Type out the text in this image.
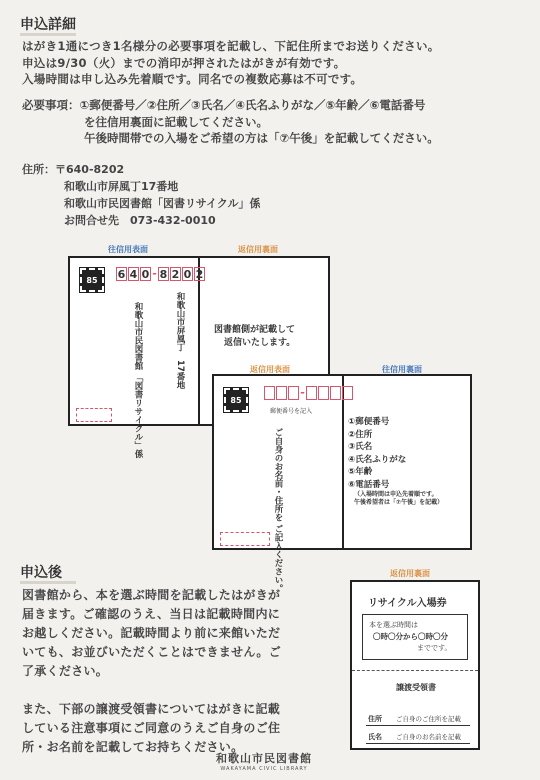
申込詳細
はがき1通につき1名様分の必要事項を記載し、下記住所までお送りください。
申込は9/30（火）までの消印が押されたはがきが有効です。
入場時間は申し込み先着順です。同名での複数応募は不可です。
必要事項：①郵便番号／②住所／③氏名／④氏名ふりがな／⑤年齢／⑥電話番号
を往信用裏面に記載してください。
午後時間帯での入場をご希望の方は「⑦午後」を記載してください。
住所：〒640-8202
和歌山市屏風丁17番地
和歌山市民図書館「図書リサイクル」係
お問合せ先　073-432-0010
往信用表面	返信用裏面
85	6 4 0 - 8 2 0 2
和歌山市屏風丁　17番地
和歌山市民図書館 「図書リサイクル」係
図書館側が記載して
返信いたします。
返信用表面	往信用裏面
85
-
郵便番号を記入
ご自身のお名前・住所を ご記入ください。
①郵便番号
②住所
③氏名
④氏名ふりがな
⑤年齢
⑥電話番号
（入場時間は申込先着順です。
午後希望者は「⑦午後」を記載）
申込後
図書館から、本を選ぶ時間を記載したはがきが
届きます。ご確認のうえ、当日は記載時間内に
お越しください。記載時間より前に来館いただ
いても、お並びいただくことはできません。ご
了承ください。
また、下部の譲渡受領書についてはがきに記載
している注意事項にご同意のうえご自身のご住
所・お名前を記載してお持ちください。
返信用裏面
リサイクル入場券
本を選ぶ時間は
〇時〇分から〇時〇分
までです。
譲渡受領書
住所 ご自身のご住所を記載
氏名 ご自身のお名前を記載
和歌山市民図書館
WAKAYAMA CIVIC LIBRARY
